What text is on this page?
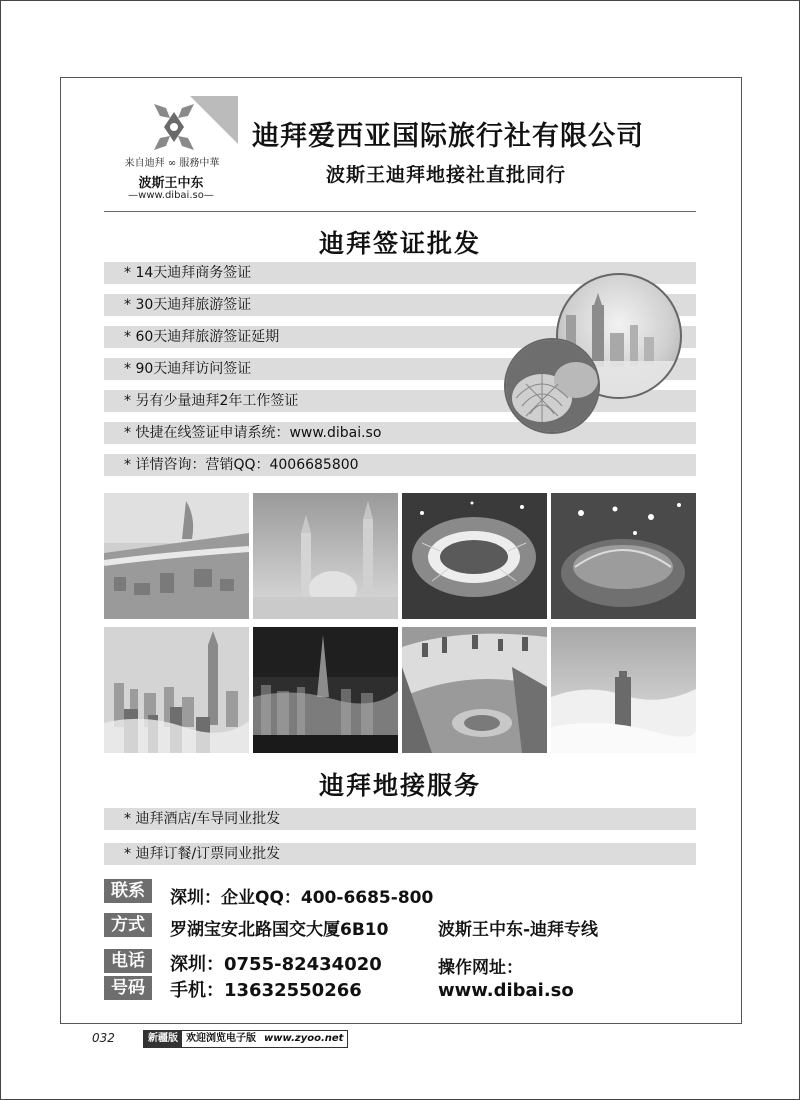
来自迪拜 ∞ 服務中華
波斯王中东
—www.dibai.so—
迪拜爱西亚国际旅行社有限公司
波斯王迪拜地接社直批同行
迪拜签证批发
* 14天迪拜商务签证
* 30天迪拜旅游签证
* 60天迪拜旅游签证延期
* 90天迪拜访问签证
* 另有少量迪拜2年工作签证
* 快捷在线签证申请系统：www.dibai.so
* 详情咨询：营销QQ：4006685800
迪拜地接服务
* 迪拜酒店/车导同业批发
* 迪拜订餐/订票同业批发
联系
方式
电话
号码
深圳：企业QQ：400-6685-800
罗湖宝安北路国交大厦6B10	波斯王中东-迪拜专线
深圳：0755-82434020
手机：13632550266
操作网址：
www.dibai.so
032	新疆版 欢迎浏览电子版 www.zyoo.net
